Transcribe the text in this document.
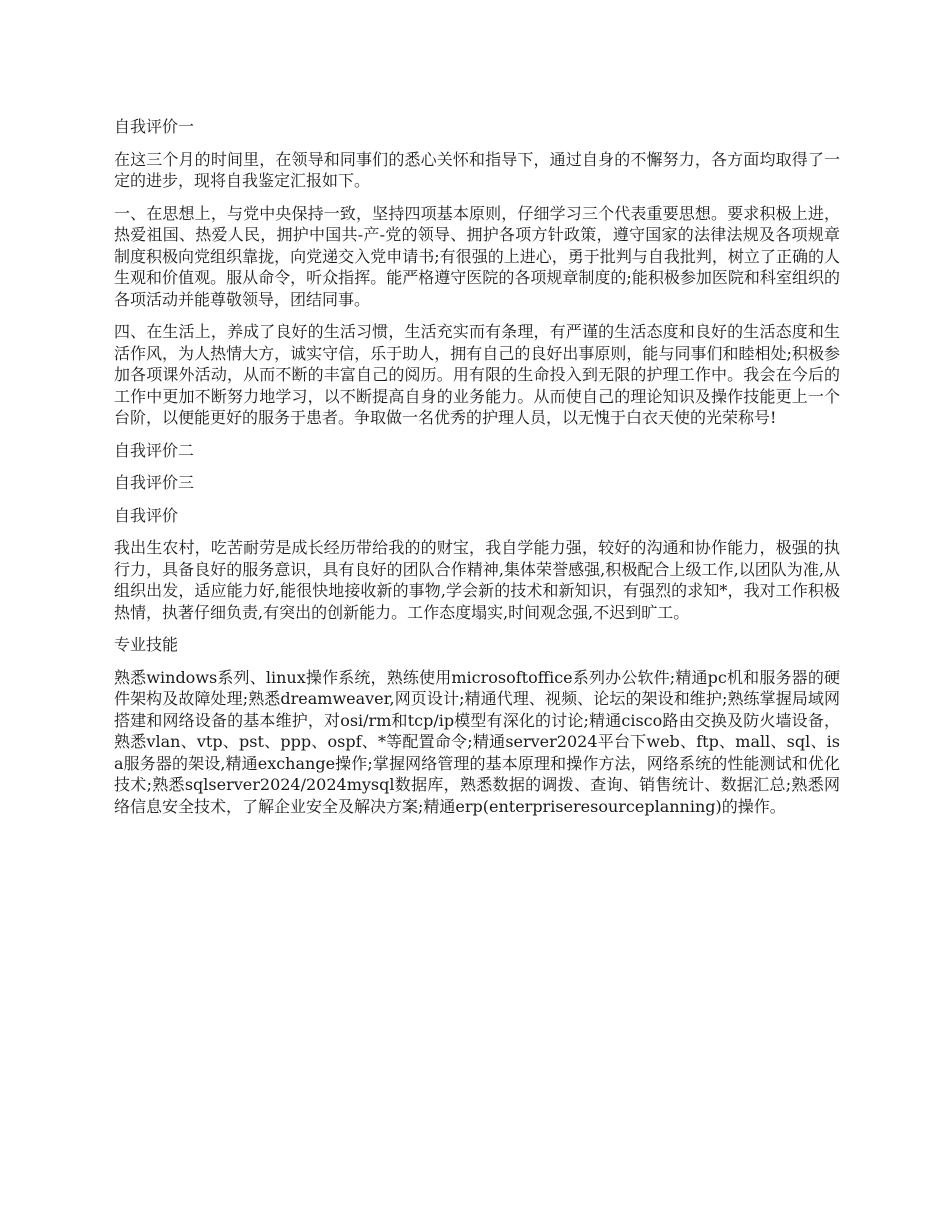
自我评价一

在这三个月的时间里，在领导和同事们的悉心关怀和指导下，通过自身的不懈努力，各方面均取得了一定的进步，现将自我鉴定汇报如下。

一、在思想上，与党中央保持一致，坚持四项基本原则，仔细学习三个代表重要思想。要求积极上进，热爱祖国、热爱人民，拥护中国共-产-党的领导、拥护各项方针政策，遵守国家的法律法规及各项规章制度积极向党组织靠拢，向党递交入党申请书;有很强的上进心，勇于批判与自我批判，树立了正确的人生观和价值观。服从命令，听众指挥。能严格遵守医院的各项规章制度的;能积极参加医院和科室组织的各项活动并能尊敬领导，团结同事。

四、在生活上，养成了良好的生活习惯，生活充实而有条理，有严谨的生活态度和良好的生活态度和生活作风，为人热情大方，诚实守信，乐于助人，拥有自己的良好出事原则，能与同事们和睦相处;积极参加各项课外活动，从而不断的丰富自己的阅历。用有限的生命投入到无限的护理工作中。我会在今后的工作中更加不断努力地学习，以不断提高自身的业务能力。从而使自己的理论知识及操作技能更上一个台阶，以便能更好的服务于患者。争取做一名优秀的护理人员，以无愧于白衣天使的光荣称号!

自我评价二

自我评价三

自我评价

我出生农村，吃苦耐劳是成长经历带给我的的财宝，我自学能力强，较好的沟通和协作能力，极强的执行力，具备良好的服务意识，具有良好的团队合作精神,集体荣誉感强,积极配合上级工作,以团队为准,从组织出发，适应能力好,能很快地接收新的事物,学会新的技术和新知识，有强烈的求知*，我对工作积极热情，执著仔细负责,有突出的创新能力。工作态度塌实,时间观念强,不迟到旷工。

专业技能

熟悉windows系列、linux操作系统，熟练使用microsoftoffice系列办公软件;精通pc机和服务器的硬件架构及故障处理;熟悉dreamweaver,网页设计;精通代理、视频、论坛的架设和维护;熟练掌握局域网搭建和网络设备的基本维护，对osi/rm和tcp/ip模型有深化的讨论;精通cisco路由交换及防火墙设备，熟悉vlan、vtp、pst、ppp、ospf、*等配置命令;精通server2024平台下web、ftp、mall、sql、isa服务器的架设,精通exchange操作;掌握网络管理的基本原理和操作方法，网络系统的性能测试和优化技术;熟悉sqlserver2024/2024mysql数据库，熟悉数据的调拨、查询、销售统计、数据汇总;熟悉网络信息安全技术，了解企业安全及解决方案;精通erp(enterpriseresourceplanning)的操作。
